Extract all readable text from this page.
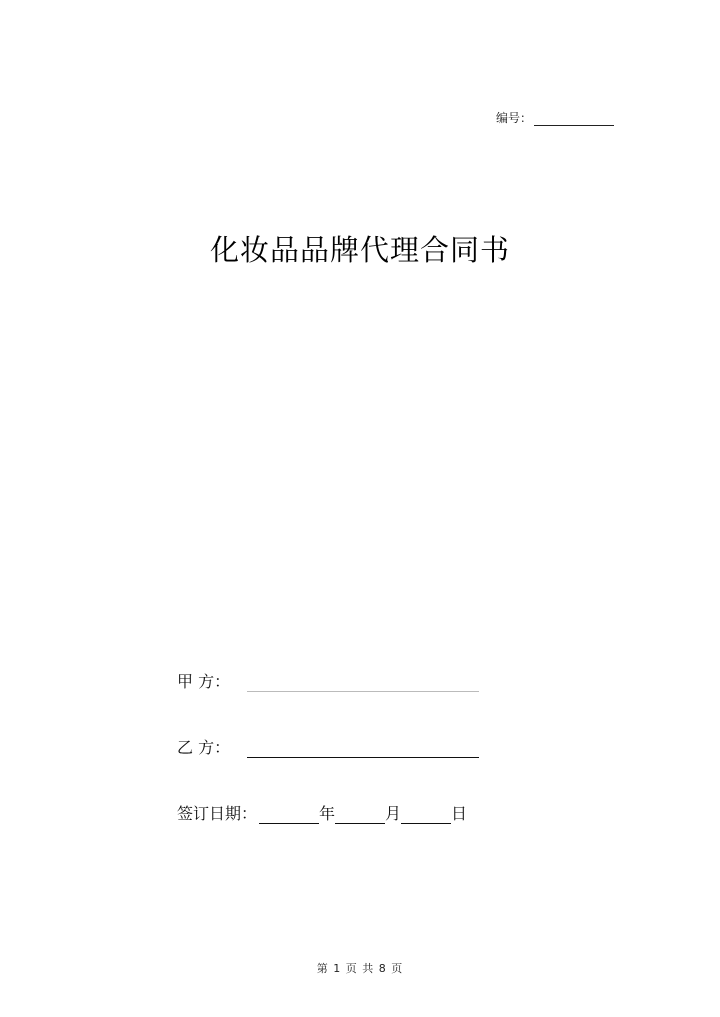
编号：
化妆品品牌代理合同书
甲 方：
乙 方：
签订日期：	年	月	日
第 1 页 共 8 页
